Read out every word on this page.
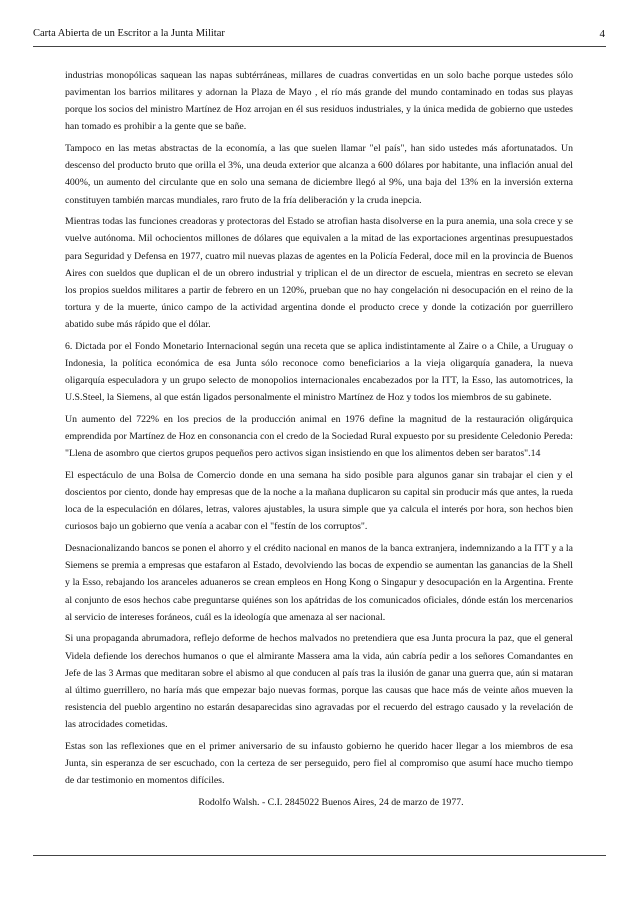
Carta Abierta de un Escritor a la Junta Militar	4

industrias monopólicas saquean las napas subtérráneas, millares de cuadras convertidas en un solo bache porque ustedes sólo pavimentan los barrios militares y adornan la Plaza de Mayo , el río más grande del mundo contaminado en todas sus playas porque los socios del ministro Martínez de Hoz arrojan en él sus residuos industriales, y la única medida de gobierno que ustedes han tomado es prohibir a la gente que se bañe.

Tampoco en las metas abstractas de la economía, a las que suelen llamar "el país", han sido ustedes más afortunatados. Un descenso del producto bruto que orilla el 3%, una deuda exterior que alcanza a 600 dólares por habitante, una inflación anual del 400%, un aumento del circulante que en solo una semana de diciembre llegó al 9%, una baja del 13% en la inversión externa constituyen también marcas mundiales, raro fruto de la fría deliberación y la cruda inepcia.

Mientras todas las funciones creadoras y protectoras del Estado se atrofian hasta disolverse en la pura anemia, una sola crece y se vuelve autónoma. Mil ochocientos millones de dólares que equivalen a la mitad de las exportaciones argentinas presupuestados para Seguridad y Defensa en 1977, cuatro mil nuevas plazas de agentes en la Policía Federal, doce mil en la provincia de Buenos Aires con sueldos que duplican el de un obrero industrial y triplican el de un director de escuela, mientras en secreto se elevan los propios sueldos militares a partir de febrero en un 120%, prueban que no hay congelación ni desocupación en el reino de la tortura y de la muerte, único campo de la actividad argentina donde el producto crece y donde la cotización por guerrillero abatido sube más rápido que el dólar.

6. Dictada por el Fondo Monetario Internacional según una receta que se aplica indistintamente al Zaire o a Chile, a Uruguay o Indonesia, la política económica de esa Junta sólo reconoce como beneficiarios a la vieja oligarquía ganadera, la nueva oligarquía especuladora y un grupo selecto de monopolios internacionales encabezados por la ITT, la Esso, las automotrices, la U.S.Steel, la Siemens, al que están ligados personalmente el ministro Martínez de Hoz y todos los miembros de su gabinete.

Un aumento del 722% en los precios de la producción animal en 1976 define la magnitud de la restauración oligárquica emprendida por Martínez de Hoz en consonancia con el credo de la Sociedad Rural expuesto por su presidente Celedonio Pereda: "Llena de asombro que ciertos grupos pequeños pero activos sigan insistiendo en que los alimentos deben ser baratos".14

El espectáculo de una Bolsa de Comercio donde en una semana ha sido posible para algunos ganar sin trabajar el cien y el doscientos por ciento, donde hay empresas que de la noche a la mañana duplicaron su capital sin producir más que antes, la rueda loca de la especulación en dólares, letras, valores ajustables, la usura simple que ya calcula el interés por hora, son hechos bien curiosos bajo un gobierno que venía a acabar con el "festín de los corruptos".

Desnacionalizando bancos se ponen el ahorro y el crédito nacional en manos de la banca extranjera, indemnizando a la ITT y a la Siemens se premia a empresas que estafaron al Estado, devolviendo las bocas de expendio se aumentan las ganancias de la Shell y la Esso, rebajando los aranceles aduaneros se crean empleos en Hong Kong o Singapur y desocupación en la Argentina. Frente al conjunto de esos hechos cabe preguntarse quiénes son los apátridas de los comunicados oficiales, dónde están los mercenarios al servicio de intereses foráneos, cuál es la ideología que amenaza al ser nacional.

Si una propaganda abrumadora, reflejo deforme de hechos malvados no pretendiera que esa Junta procura la paz, que el general Videla defiende los derechos humanos o que el almirante Massera ama la vida, aún cabría pedir a los señores Comandantes en Jefe de las 3 Armas que meditaran sobre el abismo al que conducen al país tras la ilusión de ganar una guerra que, aún si mataran al último guerrillero, no haría más que empezar bajo nuevas formas, porque las causas que hace más de veinte años mueven la resistencia del pueblo argentino no estarán desaparecidas sino agravadas por el recuerdo del estrago causado y la revelación de las atrocidades cometidas.

Estas son las reflexiones que en el primer aniversario de su infausto gobierno he querido hacer llegar a los miembros de esa Junta, sin esperanza de ser escuchado, con la certeza de ser perseguido, pero fiel al compromiso que asumí hace mucho tiempo de dar testimonio en momentos difíciles.

Rodolfo Walsh. - C.I. 2845022 Buenos Aires, 24 de marzo de 1977.
